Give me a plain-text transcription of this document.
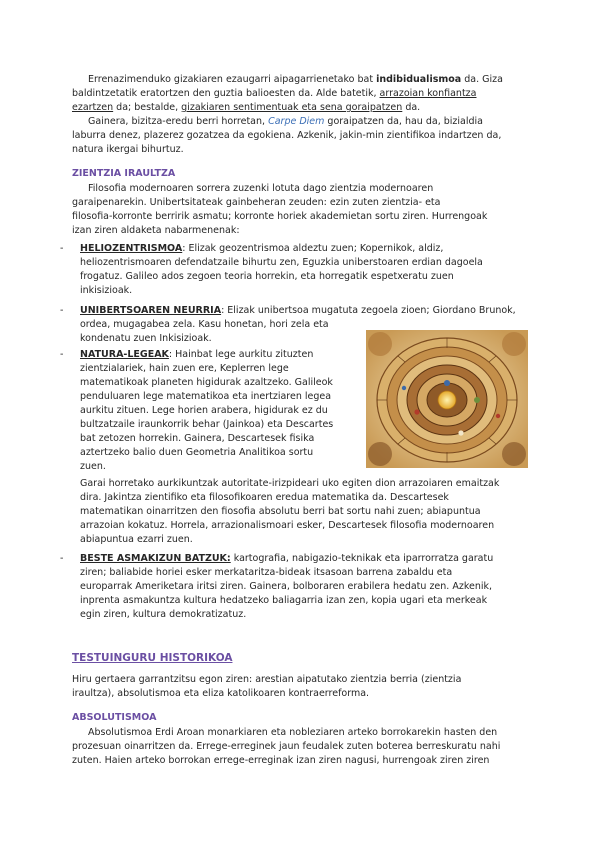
Errenazimenduko gizakiaren ezaugarri aipagarrienetako bat indibidualismoa da. Giza
baldintzetatik eratortzen den guztia balioesten da. Alde batetik, arrazoian konfiantza
ezartzen da; bestalde, gizakiaren sentimentuak eta sena goraipatzen da.
Gainera, bizitza-eredu berri horretan, Carpe Diem goraipatzen da, hau da, bizialdia
laburra denez, plazerez gozatzea da egokiena. Azkenik, jakin-min zientifikoa indartzen da,
natura ikergai bihurtuz.
ZIENTZIA IRAULTZA
Filosofia modernoaren sorrera zuzenki lotuta dago zientzia modernoaren
garaipenarekin. Unibertsitateak gainbeheran zeuden: ezin zuten zientzia- eta
filosofia-korronte berririk asmatu; korronte horiek akademietan sortu ziren. Hurrengoak
izan ziren aldaketa nabarmenenak:
- HELIOZENTRISMOA: Elizak geozentrismoa aldeztu zuen; Kopernikok, aldiz,
heliozentrismoaren defendatzaile bihurtu zen, Eguzkia uniberstoaren erdian dagoela
frogatuz. Galileo ados zegoen teoria horrekin, eta horregatik espetxeratu zuen
inkisizioak.
- UNIBERTSOAREN NEURRIA: Elizak unibertsoa mugatuta zegoela zioen; Giordano Brunok,
ordea, mugagabea zela. Kasu honetan, hori zela eta
kondenatu zuen Inkisizioak.
- NATURA-LEGEAK: Hainbat lege aurkitu zituzten
zientzialariek, hain zuen ere, Keplerren lege
matematikoak planeten higidurak azaltzeko. Galileok
penduluaren lege matematikoa eta inertziaren legea
aurkitu zituen. Lege horien arabera, higidurak ez du
bultzatzaile iraunkorrik behar (Jainkoa) eta Descartes
bat zetozen horrekin. Gainera, Descartesek fisika
aztertzeko balio duen Geometria Analitikoa sortu
zuen.
Garai horretako aurkikuntzak autoritate-irizpideari uko egiten dion arrazoiaren emaitzak
dira. Jakintza zientifiko eta filosofikoaren eredua matematika da. Descartesek
matematikan oinarritzen den fiosofia absolutu berri bat sortu nahi zuen; abiapuntua
arrazoian kokatuz. Horrela, arrazionalismoari esker, Descartesek filosofia modernoaren
abiapuntua ezarri zuen.
- BESTE ASMAKIZUN BATZUK: kartografia, nabigazio-teknikak eta iparrorratza garatu
ziren; baliabide horiei esker merkataritza-bideak itsasoan barrena zabaldu eta
europarrak Ameriketara iritsi ziren. Gainera, bolboraren erabilera hedatu zen. Azkenik,
inprenta asmakuntza kultura hedatzeko baliagarria izan zen, kopia ugari eta merkeak
egin ziren, kultura demokratizatuz.
TESTUINGURU HISTORIKOA
Hiru gertaera garrantzitsu egon ziren: arestian aipatutako zientzia berria (zientzia
iraultza), absolutismoa eta eliza katolikoaren kontraerreforma.
ABSOLUTISMOA
Absolutismoa Erdi Aroan monarkiaren eta nobleziaren arteko borrokarekin hasten den
prozesuan oinarritzen da. Errege-erreginek jaun feudalek zuten boterea berreskuratu nahi
zuten. Haien arteko borrokan errege-erreginak izan ziren nagusi, hurrengoak ziren ziren
